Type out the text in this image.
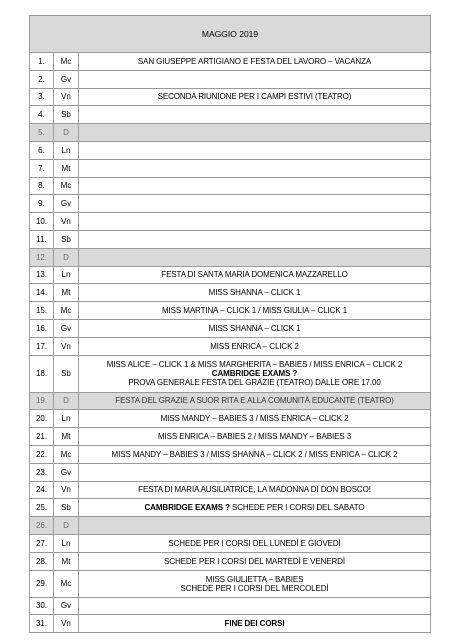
MAGGIO 2019		
1.	Mc	SAN GIUSEPPE ARTIGIANO E FESTA DEL LAVORO – VACANZA
2.	Gv	
3.	Vn	SECONDA RIUNIONE PER I CAMPI ESTIVI (TEATRO)
4.	Sb	
5.	D	
6.	Ln	
7.	Mt	
8.	Mc	
9.	Gv	
10.	Vn	
11.	Sb	
12.	D	
13.	Ln	FESTA DI SANTA MARIA DOMENICA MAZZARELLO
14.	Mt	MISS SHANNA – CLICK 1
15.	Mc	MISS MARTINA – CLICK 1 / MISS GIULIA – CLICK 1
16.	Gv	MISS SHANNA – CLICK 1
17.	Vn	MISS ENRICA – CLICK 2
18.	Sb	MISS ALICE – CLICK 1 & MISS MARGHERITA – BABIES / MISS ENRICA – CLICK 2
CAMBRIDGE EXAMS ?
PROVA GENERALE FESTA DEL GRAZIE (TEATRO) DALLE ORE 17.00

19.	D	FESTA DEL GRAZIE A SUOR RITA E ALLA COMUNITÀ EDUCANTE (TEATRO)
20.	Ln	MISS MANDY – BABIES 3 / MISS ENRICA – CLICK 2
21.	Mt	MISS ENRICA – BABIES 2 / MISS MANDY – BABIES 3
22.	Mc	MISS MANDY – BABIES 3 / MISS SHANNA – CLICK 2 / MISS ENRICA – CLICK 2
23.	Gv	
24.	Vn	FESTA DI MARIA AUSILIATRICE, LA MADONNA DI DON BOSCO!
25.	Sb	CAMBRIDGE EXAMS ? SCHEDE PER I CORSI DEL SABATO
26.	D	
27.	Ln	SCHEDE PER I CORSI DEL LUNEDÌ E GIOVEDÌ
28.	Mt	SCHEDE PER I CORSI DEL MARTEDÌ E VENERDÌ
29.	Mc	MISS GIULIETTA – BABIES
SCHEDE PER I CORSI DEL MERCOLEDÌ

30.	Gv	
31.	Vn	FINE DEI CORSI
